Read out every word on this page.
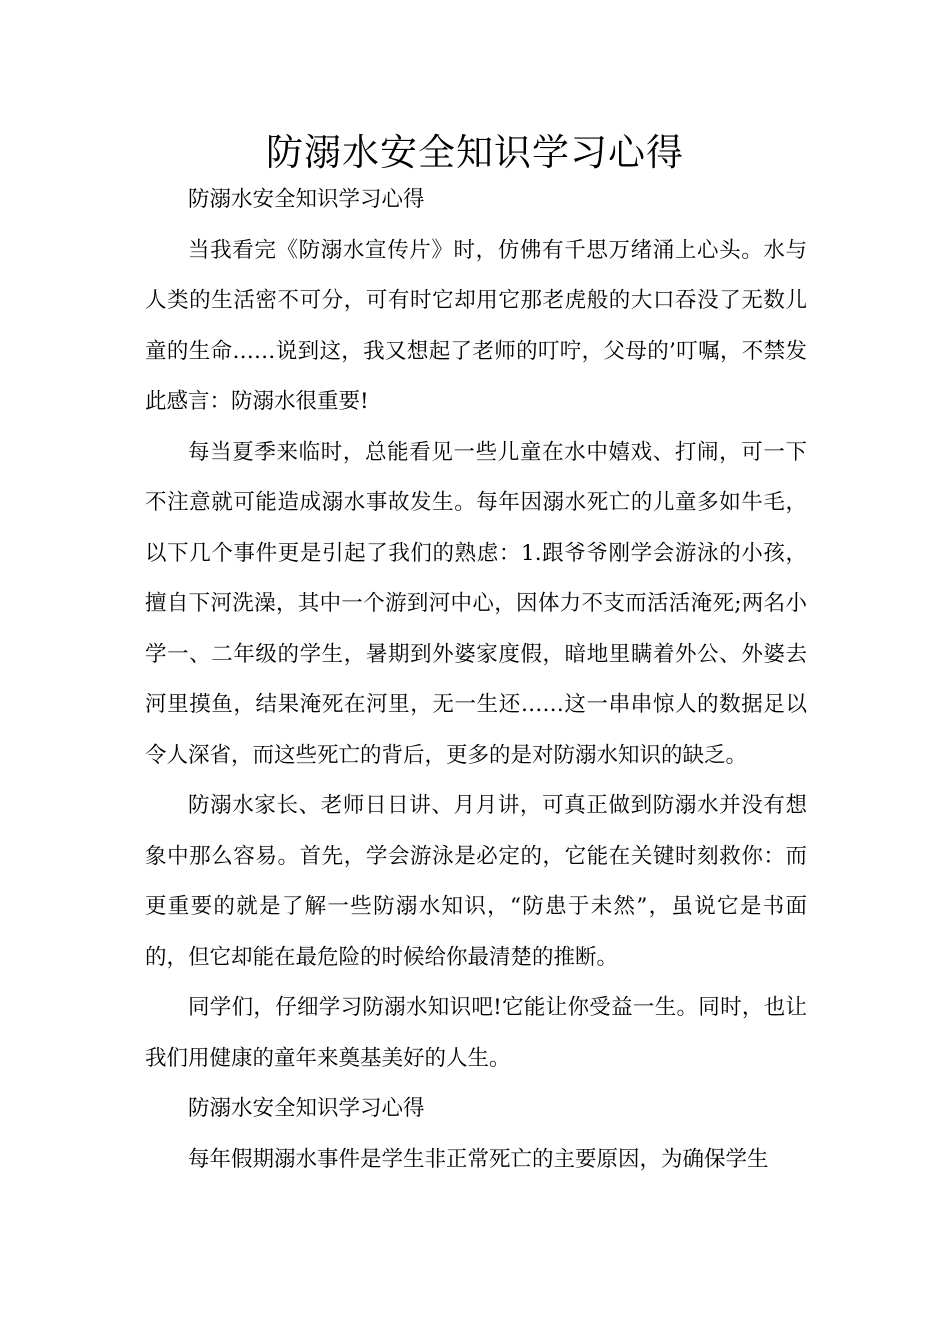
防溺水安全知识学习心得

防溺水安全知识学习心得

当我看完《防溺水宣传片》时，仿佛有千思万绪涌上心头。水与人类的生活密不可分，可有时它却用它那老虎般的大口吞没了无数儿童的生命……说到这，我又想起了老师的叮咛，父母的’叮嘱，不禁发此感言：防溺水很重要!

每当夏季来临时，总能看见一些儿童在水中嬉戏、打闹，可一下不注意就可能造成溺水事故发生。每年因溺水死亡的儿童多如牛毛，以下几个事件更是引起了我们的熟虑：1.跟爷爷刚学会游泳的小孩，擅自下河洗澡，其中一个游到河中心，因体力不支而活活淹死;两名小学一、二年级的学生，暑期到外婆家度假，暗地里瞒着外公、外婆去河里摸鱼，结果淹死在河里，无一生还……这一串串惊人的数据足以令人深省，而这些死亡的背后，更多的是对防溺水知识的缺乏。

防溺水家长、老师日日讲、月月讲，可真正做到防溺水并没有想象中那么容易。首先，学会游泳是必定的，它能在关键时刻救你：而更重要的就是了解一些防溺水知识，“防患于未然”，虽说它是书面的，但它却能在最危险的时候给你最清楚的推断。

同学们，仔细学习防溺水知识吧!它能让你受益一生。同时，也让我们用健康的童年来奠基美好的人生。

防溺水安全知识学习心得

每年假期溺水事件是学生非正常死亡的主要原因，为确保学生
